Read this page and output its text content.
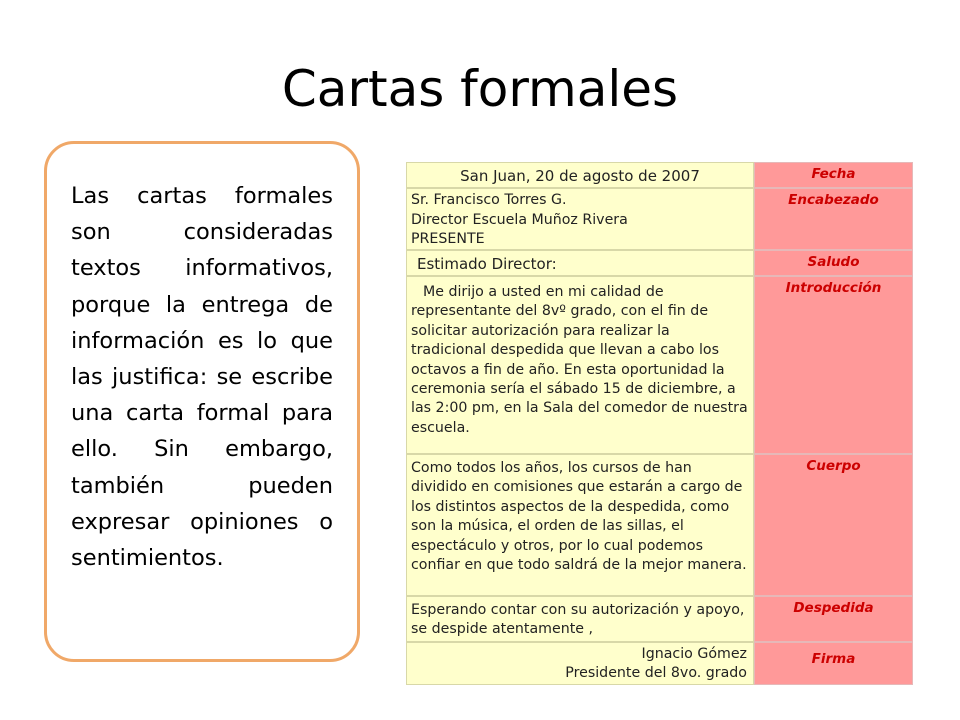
Cartas formales

Las cartas formales son consideradas textos informativos, porque la entrega de información es lo que las justifica: se escribe una carta formal para ello. Sin embargo, también pueden expresar opiniones o sentimientos.

San Juan, 20 de agosto de 2007	Fecha
Sr. Francisco Torres G.
Director Escuela Muñoz Rivera
PRESENTE
Encabezado
Estimado Director:	Saludo
Me dirijo a usted en mi calidad de representante del 8vº grado, con el fin de solicitar autorización para realizar la tradicional despedida que llevan a cabo los octavos a fin de año. En esta oportunidad la ceremonia sería el sábado 15 de diciembre, a las 2:00 pm, en la Sala del comedor de nuestra escuela.
Introducción
Como todos los años, los cursos de han dividido en comisiones que estarán a cargo de los distintos aspectos de la despedida, como son la música, el orden de las sillas, el espectáculo y otros, por lo cual podemos confiar en que todo saldrá de la mejor manera.
Cuerpo
Esperando contar con su autorización y apoyo, se despide atentamente ,
Despedida
Ignacio Gómez
Presidente del 8vo. grado
Firma
